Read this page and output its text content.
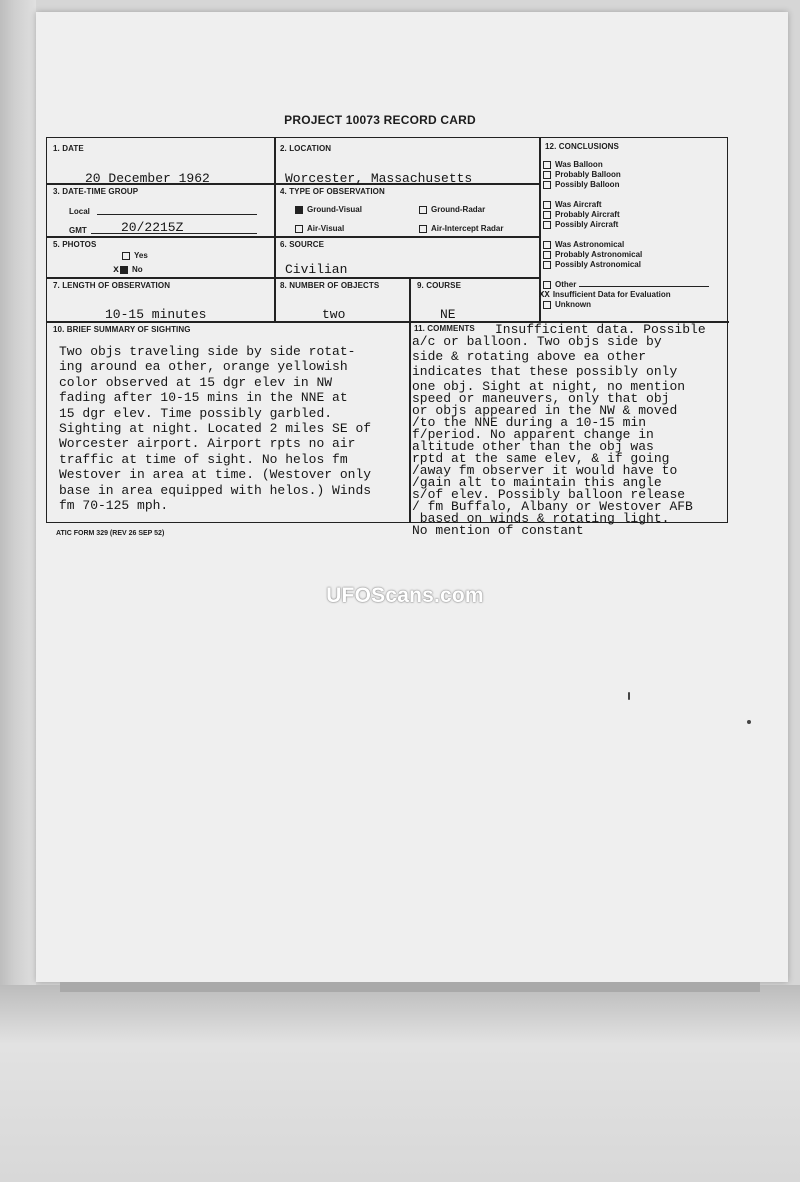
PROJECT 10073 RECORD CARD
1. DATE
20 December 1962
2. LOCATION
Worcester, Massachusetts
3. DATE-TIME GROUP
Local
GMT	20/2215Z
4. TYPE OF OBSERVATION
Ground-Visual	Ground-Radar
Air-Visual	Air-Intercept Radar
5. PHOTOS
Yes
x No
6. SOURCE
Civilian
7. LENGTH OF OBSERVATION
10-15 minutes
8. NUMBER OF OBJECTS
two
9. COURSE
NE
12. CONCLUSIONS
Was Balloon
Probably Balloon
Possibly Balloon
Was Aircraft
Probably Aircraft
Possibly Aircraft
Was Astronomical
Probably Astronomical
Possibly Astronomical
Other
XX Insufficient Data for Evaluation
Unknown
10. BRIEF SUMMARY OF SIGHTING
Two objs traveling side by side rotat-
ing around ea other, orange yellowish
color observed at 15 dgr elev in NW
fading after 10-15 mins in the NNE at
15 dgr elev. Time possibly garbled.
Sighting at night. Located 2 miles SE of
Worcester airport. Airport rpts no air
traffic at time of sight. No helos fm
Westover in area at time. (Westover only
base in area equipped with helos.) Winds
fm 70-125 mph.
11. COMMENTS Insufficient data. Possible
a/c or balloon. Two objs side by
side & rotating above ea other
indicates that these possibly only
one obj. Sight at night, no mention
speed or maneuvers, only that obj
or objs appeared in the NW & moved
/to the NNE during a 10-15 min
f/period. No apparent change in
altitude other than the obj was
rptd at the same elev, & if going
/away fm observer it would have to
/gain alt to maintain this angle
s/of elev. Possibly balloon release
/ fm Buffalo, Albany or Westover AFB
based on winds & rotating light.
No mention of constant
ATIC FORM 329 (REV 26 SEP 52)
UFOScans.com
